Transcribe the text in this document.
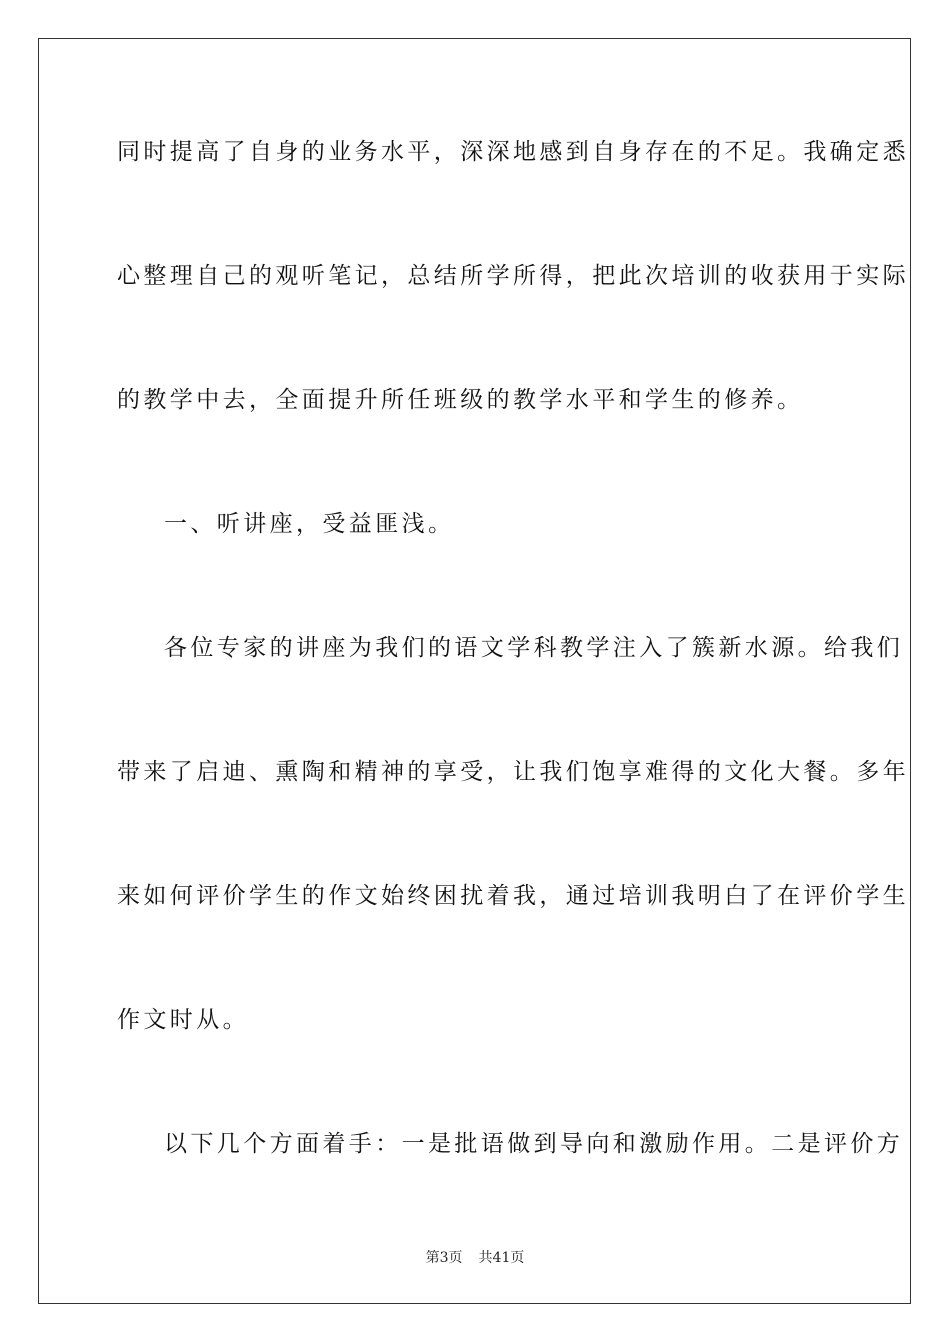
同时提高了自身的业务水平，深深地感到自身存在的不足。我确定悉
心整理自己的观听笔记，总结所学所得，把此次培训的收获用于实际
的教学中去，全面提升所任班级的教学水平和学生的修养。
一、听讲座，受益匪浅。
各位专家的讲座为我们的语文学科教学注入了簇新水源。给我们
带来了启迪、熏陶和精神的享受，让我们饱享难得的文化大餐。多年
来如何评价学生的作文始终困扰着我，通过培训我明白了在评价学生
作文时从。
以下几个方面着手：一是批语做到导向和激励作用。二是评价方
第3页 共41页
